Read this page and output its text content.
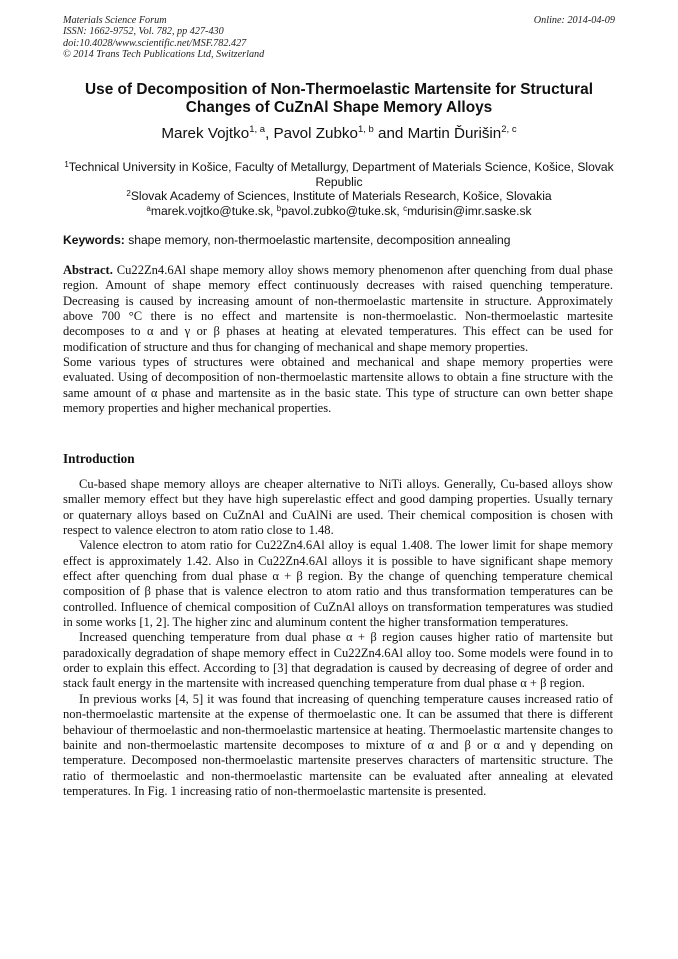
Materials Science Forum
ISSN: 1662-9752, Vol. 782, pp 427-430
doi:10.4028/www.scientific.net/MSF.782.427
© 2014 Trans Tech Publications Ltd, Switzerland
Online: 2014-04-09
Use of Decomposition of Non-Thermoelastic Martensite for Structural
Changes of CuZnAl Shape Memory Alloys
Marek Vojtko$^{1, a}$, Pavol Zubko$^{1, b}$ and Martin Ďurišin$^{2, c}$
$^1$Technical University in Košice, Faculty of Metallurgy, Department of Materials Science, Košice, Slovak Republic
$^2$Slovak Academy of Sciences, Institute of Materials Research, Košice, Slovakia
$^a$marek.vojtko@tuke.sk, $^b$pavol.zubko@tuke.sk, $^c$mdurisin@imr.saske.sk
Keywords: shape memory, non-thermoelastic martensite, decomposition annealing

Abstract. Cu22Zn4.6Al shape memory alloy shows memory phenomenon after quenching from dual phase region. Amount of shape memory effect continuously decreases with raised quenching temperature. Decreasing is caused by increasing amount of non-thermoelastic martensite in structure. Approximately above 700 °C there is no effect and martensite is non-thermoelastic. Non-thermoelastic martesite decomposes to α and γ or β phases at heating at elevated temperatures. This effect can be used for modification of structure and thus for changing of mechanical and shape memory properties.

Some various types of structures were obtained and mechanical and shape memory properties were evaluated. Using of decomposition of non-thermoelastic martensite allows to obtain a fine structure with the same amount of α phase and martensite as in the basic state. This type of structure can own better shape memory properties and higher mechanical properties.

Introduction

Cu-based shape memory alloys are cheaper alternative to NiTi alloys. Generally, Cu-based alloys show smaller memory effect but they have high superelastic effect and good damping properties. Usually ternary or quaternary alloys based on CuZnAl and CuAlNi are used. Their chemical composition is chosen with respect to valence electron to atom ratio close to 1.48.

Valence electron to atom ratio for Cu22Zn4.6Al alloy is equal 1.408. The lower limit for shape memory effect is approximately 1.42. Also in Cu22Zn4.6Al alloys it is possible to have significant shape memory effect after quenching from dual phase α + β region. By the change of quenching temperature chemical composition of β phase that is valence electron to atom ratio and thus transformation temperatures can be controlled. Influence of chemical composition of CuZnAl alloys on transformation temperatures was studied in some works [1, 2]. The higher zinc and aluminum content the higher transformation temperatures.

Increased quenching temperature from dual phase α + β region causes higher ratio of martensite but paradoxically degradation of shape memory effect in Cu22Zn4.6Al alloy too. Some models were found in to order to explain this effect. According to [3] that degradation is caused by decreasing of degree of order and stack fault energy in the martensite with increased quenching temperature from dual phase α + β region.

In previous works [4, 5] it was found that increasing of quenching temperature causes increased ratio of non-thermoelastic martensite at the expense of thermoelastic one. It can be assumed that there is different behaviour of thermoelastic and non-thermoelastic martensice at heating. Thermoelastic martensite changes to bainite and non-thermoelastic martensite decomposes to mixture of α and β or α and γ depending on temperature. Decomposed non-thermoelastic martensite preserves characters of martensitic structure. The ratio of thermoelastic and non-thermoelastic martensite can be evaluated after annealing at elevated temperatures. In Fig. 1 increasing ratio of non-thermoelastic martensite is presented.
